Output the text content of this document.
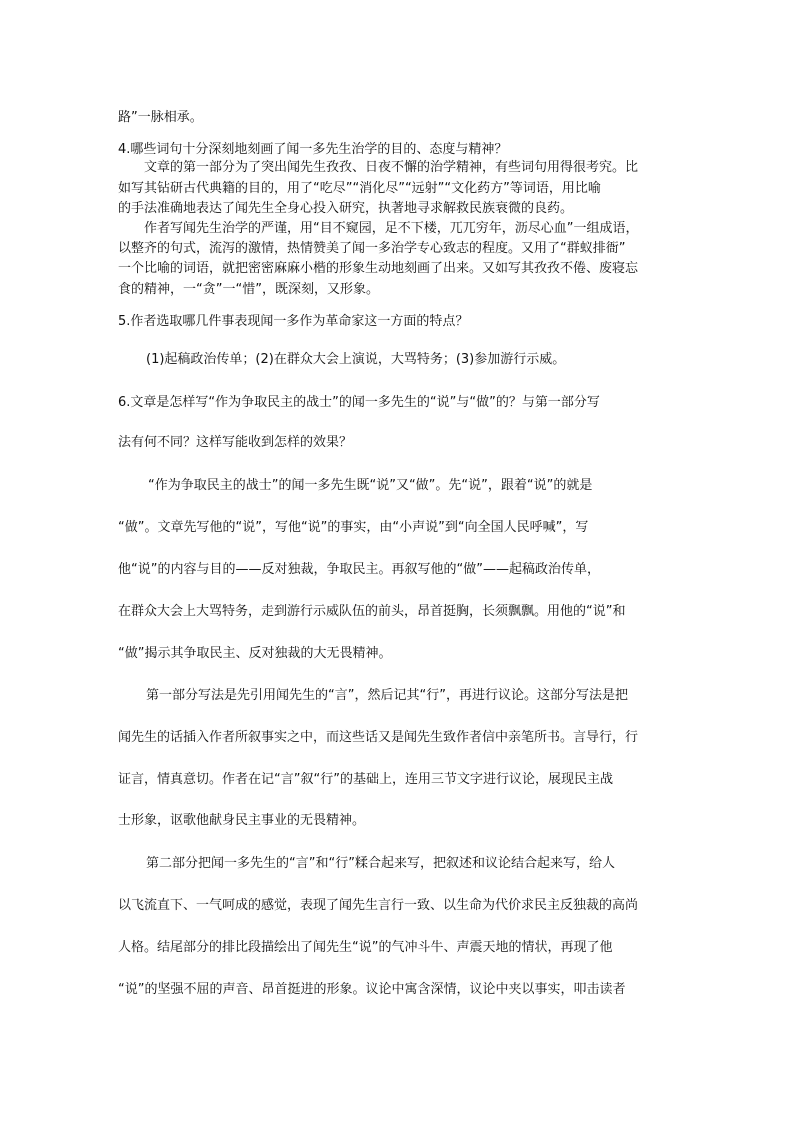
路”一脉相承。

4.哪些词句十分深刻地刻画了闻一多先生治学的目的、态度与精神？

文章的第一部分为了突出闻先生孜孜、日夜不懈的治学精神，有些词句用得很考究。比

如写其钻研古代典籍的目的，用了“吃尽”“消化尽”“远射”“文化药方”等词语，用比喻

的手法准确地表达了闻先生全身心投入研究，执著地寻求解救民族衰微的良药。

作者写闻先生治学的严谨，用“目不窥园，足不下楼，兀兀穷年，沥尽心血”一组成语，

以整齐的句式，流泻的激情，热情赞美了闻一多治学专心致志的程度。又用了“群蚁排衙”

一个比喻的词语，就把密密麻麻小楷的形象生动地刻画了出来。又如写其孜孜不倦、废寝忘

食的精神，一“贪”一“惜”，既深刻，又形象。

5.作者选取哪几件事表现闻一多作为革命家这一方面的特点？

(1)起稿政治传单；(2)在群众大会上演说，大骂特务；(3)参加游行示威。

6.文章是怎样写“作为争取民主的战士”的闻一多先生的“说”与“做”的？与第一部分写

法有何不同？这样写能收到怎样的效果？

“作为争取民主的战士”的闻一多先生既“说”又“做”。先“说”，跟着“说”的就是

“做”。文章先写他的“说”，写他“说”的事实，由“小声说”到“向全国人民呼喊”，写

他“说”的内容与目的——反对独裁，争取民主。再叙写他的“做”——起稿政治传单，

在群众大会上大骂特务，走到游行示威队伍的前头，昂首挺胸，长须飘飘。用他的“说”和

“做”揭示其争取民主、反对独裁的大无畏精神。

第一部分写法是先引用闻先生的“言”，然后记其“行”，再进行议论。这部分写法是把

闻先生的话插入作者所叙事实之中，而这些话又是闻先生致作者信中亲笔所书。言导行，行

证言，情真意切。作者在记“言”叙“行”的基础上，连用三节文字进行议论，展现民主战

士形象，讴歌他献身民主事业的无畏精神。

第二部分把闻一多先生的“言”和“行”糅合起来写，把叙述和议论结合起来写，给人

以飞流直下、一气呵成的感觉，表现了闻先生言行一致、以生命为代价求民主反独裁的高尚

人格。结尾部分的排比段描绘出了闻先生“说”的气冲斗牛、声震天地的情状，再现了他

“说”的坚强不屈的声音、昂首挺进的形象。议论中寓含深情，议论中夹以事实，叩击读者
